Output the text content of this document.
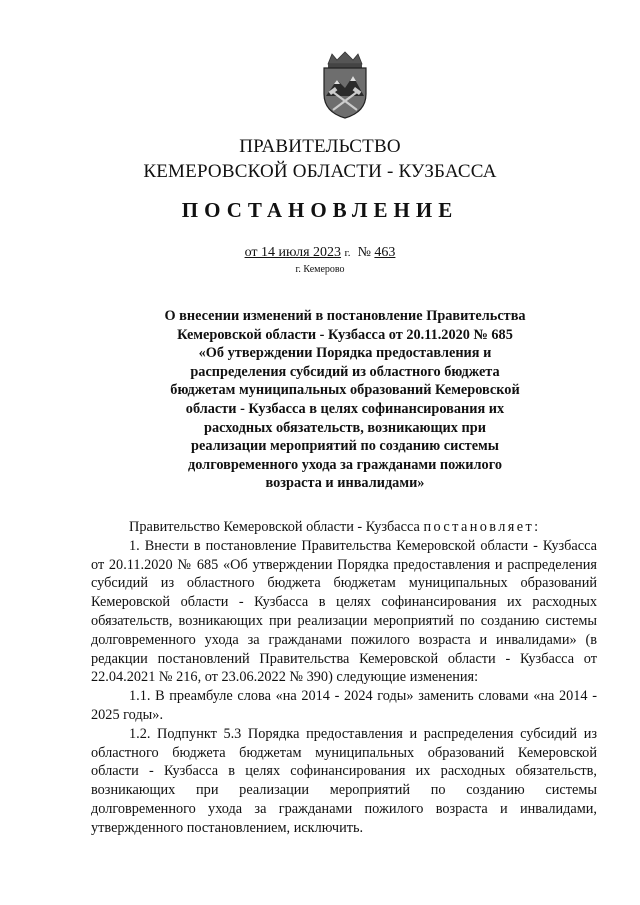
ПРАВИТЕЛЬСТВО
КЕМЕРОВСКОЙ ОБЛАСТИ - КУЗБАССА
ПОСТАНОВЛЕНИЕ
от 14 июля 2023 г. № 463
г. Кемерово
О внесении изменений в постановление Правительства
Кемеровской области - Кузбасса от 20.11.2020 № 685
«Об утверждении Порядка предоставления и
распределения субсидий из областного бюджета
бюджетам муниципальных образований Кемеровской
области - Кузбасса в целях софинансирования их
расходных обязательств, возникающих при
реализации мероприятий по созданию системы
долговременного ухода за гражданами пожилого
возраста и инвалидами»

Правительство Кемеровской области - Кузбасса постановляет:

1. Внести в постановление Правительства Кемеровской области - Кузбасса от 20.11.2020 № 685 «Об утверждении Порядка предоставления и распределения субсидий из областного бюджета бюджетам муниципальных образований Кемеровской области - Кузбасса в целях софинансирования их расходных обязательств, возникающих при реализации мероприятий по созданию системы долговременного ухода за гражданами пожилого возраста и инвалидами» (в редакции постановлений Правительства Кемеровской области - Кузбасса от 22.04.2021 № 216, от 23.06.2022 № 390) следующие изменения:

1.1. В преамбуле слова «на 2014 - 2024 годы» заменить словами «на 2014 - 2025 годы».

1.2. Подпункт 5.3 Порядка предоставления и распределения субсидий из областного бюджета бюджетам муниципальных образований Кемеровской области - Кузбасса в целях софинансирования их расходных обязательств, возникающих при реализации мероприятий по созданию системы долговременного ухода за гражданами пожилого возраста и инвалидами, утвержденного постановлением, исключить.
